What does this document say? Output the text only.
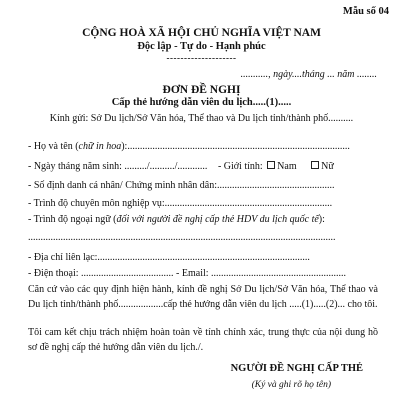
Mẫu số 04
CỘNG HOÀ XÃ HỘI CHỦ NGHĨA VIỆT NAM
Độc lập - Tự do - Hạnh phúc
--------------------
..........., ngày....tháng ... năm ........
ĐƠN ĐỀ NGHỊ
Cấp thẻ hướng dẫn viên du lịch.....(1).....
Kính gửi: Sở Du lịch/Sở Văn hóa, Thể thao và Du lịch tỉnh/thành phố..........
- Họ và tên (chữ in hoa):.........................................................................................
- Ngày tháng năm sinh: ........./........../............ - Giới tính: Nam Nữ
- Số định danh cá nhân/ Chứng minh nhân dân:...............................................
- Trình độ chuyên môn nghiệp vụ:...................................................................
- Trình độ ngoại ngữ (đối với người đề nghị cấp thẻ HDV du lịch quốc tế):
...........................................................................................................................
- Địa chỉ liên lạc:.....................................................................................
- Điện thoại: ..................................... - Email: ......................................................
Căn cứ vào các quy định hiện hành, kính đề nghị Sở Du lịch/Sở Văn hóa, Thể thao và Du lịch tỉnh/thành phố..................cấp thẻ hướng dẫn viên du lịch .....(1).....(2)... cho tôi.
Tôi cam kết chịu trách nhiệm hoàn toàn về tính chính xác, trung thực của nội dung hồ sơ đề nghị cấp thẻ hướng dẫn viên du lịch./.
NGƯỜI ĐỀ NGHỊ CẤP THẺ
(Ký và ghi rõ họ tên)
